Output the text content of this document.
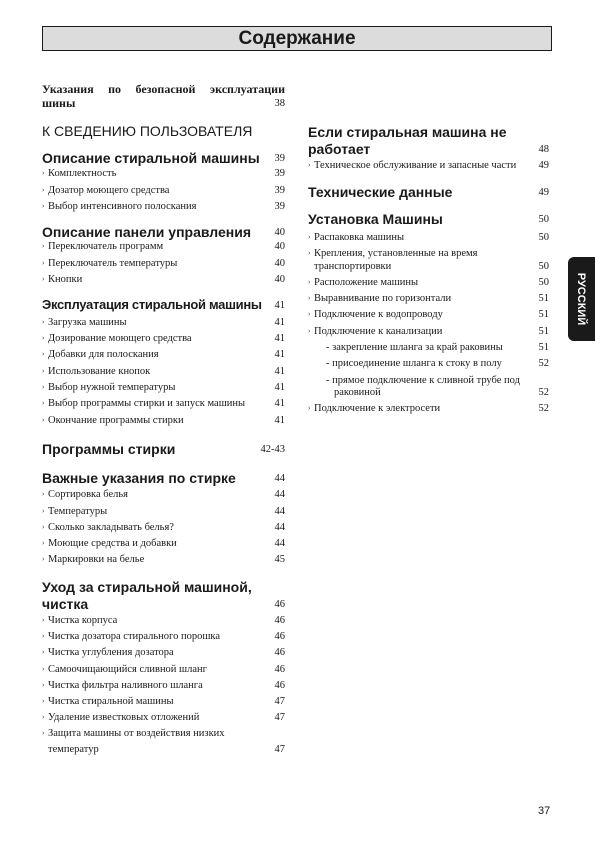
Содержание
Указания по безопасной эксплуатации
шины	38
К СВЕДЕНИЮ ПОЛЬЗОВАТЕЛЯ
Описание стиральной машины 39
› Комплектность	39
› Дозатор моющего средства	39
› Выбор интенсивного полоскания	39
Описание панели управления 40
› Переключатель программ	40
› Переключатель температуры	40
› Кнопки	40
Эксплуатация стиральной машины 41
› Загрузка машины	41
› Дозирование моющего средства	41
› Добавки для полоскания	41
› Использование кнопок	41
› Выбор нужной температуры	41
› Выбор программы стирки и запуск машины	41
› Окончание программы стирки	41
Программы стирки	42-43
Важные указания по стирке	44
› Сортировка белья	44
› Температуры	44
› Сколько закладывать белья?	44
› Моющие средства и добавки	44
› Маркировки на белье	45
Уход за стиральной машиной,
чистка	46
› Чистка корпуса	46
› Чистка дозатора стирального порошка	46
› Чистка углубления дозатора	46
› Самоочищающийся сливной шланг	46
› Чистка фильтра наливного шланга	46
› Чистка стиральной машины	47
› Удаление известковых отложений	47
› Защита машины от воздействия низких
температур	47
Если стиральная машина не
работает	48
› Техническое обслуживание и запасные части 49
Технические данные	49
Установка Машины	50
› Распаковка машины	50
› Крепления, установленные на время
транспортировки	50
› Расположение машины	50
› Выравнивание по горизонтали	51
› Подключение к водопроводу	51
› Подключение к канализации	51
- закрепление шланга за край раковины	51
- присоединение шланга к стоку в полу	52
- прямое подключение к сливной трубе под
раковиной	52
› Подключение к электросети	52
РУССКИЙ
37
